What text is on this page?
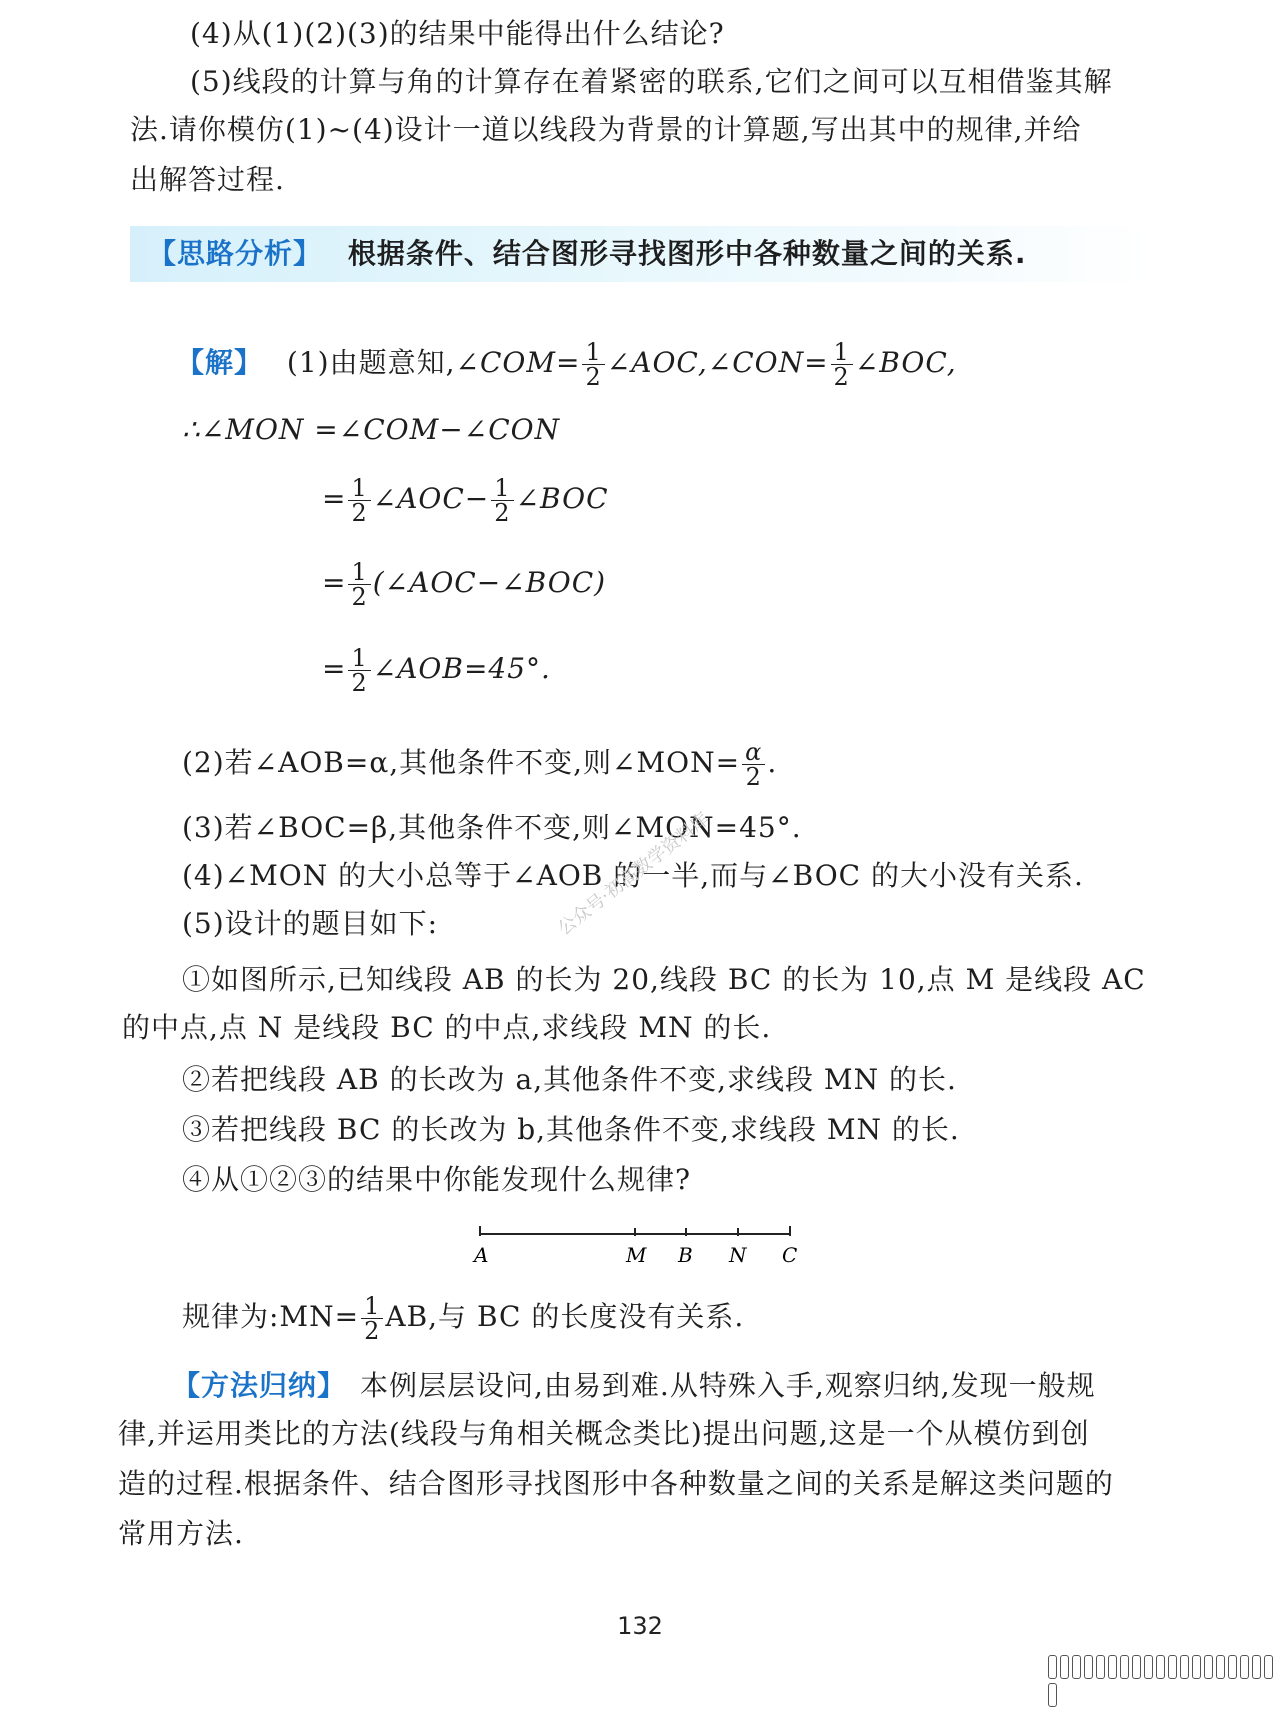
(4)从(1)(2)(3)的结果中能得出什么结论?
(5)线段的计算与角的计算存在着紧密的联系,它们之间可以互相借鉴其解
法.请你模仿(1)~(4)设计一道以线段为背景的计算题,写出其中的规律,并给
出解答过程.
【思路分析】 根据条件、结合图形寻找图形中各种数量之间的关系.
【解】 (1)由题意知,∠COM= $\frac{1}{2}$ ∠AOC,∠CON= $\frac{1}{2}$ ∠BOC,
∴∠MON =∠COM−∠CON
= $\frac{1}{2}$ ∠AOC− $\frac{1}{2}$ ∠BOC
= $\frac{1}{2}$ (∠AOC−∠BOC)
= $\frac{1}{2}$ ∠AOB=45°.
(2)若∠AOB=α,其他条件不变,则∠MON= $\frac{\alpha}{2}$ .
(3)若∠BOC=β,其他条件不变,则∠MON=45°.
(4)∠MON 的大小总等于∠AOB 的一半,而与∠BOC 的大小没有关系.
(5)设计的题目如下:
①如图所示,已知线段 AB 的长为 20,线段 BC 的长为 10,点 M 是线段 AC
的中点,点 N 是线段 BC 的中点,求线段 MN 的长.
②若把线段 AB 的长改为 a,其他条件不变,求线段 MN 的长.
③若把线段 BC 的长改为 b,其他条件不变,求线段 MN 的长.
④从①②③的结果中你能发现什么规律?
A	M B N C
规律为:MN= $\frac{1}{2}$ AB,与 BC 的长度没有关系.
【方法归纳】 本例层层设问,由易到难.从特殊入手,观察归纳,发现一般规
律,并运用类比的方法(线段与角相关概念类比)提出问题,这是一个从模仿到创
造的过程.根据条件、结合图形寻找图形中各种数量之间的关系是解这类问题的
常用方法.
公众号·初高数学资料库
132
